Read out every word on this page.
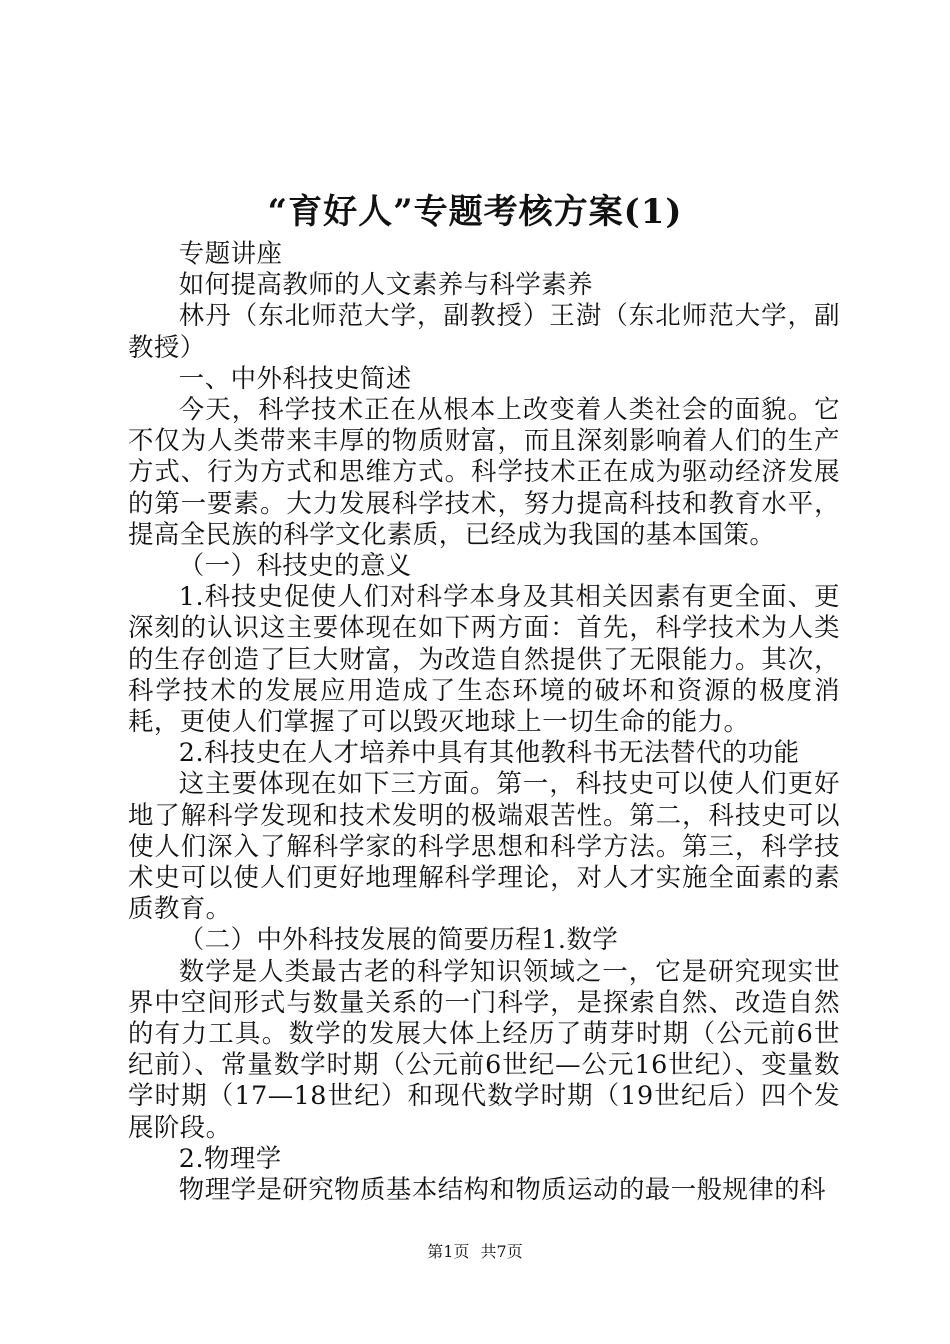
“育好人”专题考核方案(1)

专题讲座

如何提高教师的人文素养与科学素养

林丹（东北师范大学，副教授）王澍（东北师范大学，副教授）

一、中外科技史简述

今天，科学技术正在从根本上改变着人类社会的面貌。它不仅为人类带来丰厚的物质财富，而且深刻影响着人们的生产方式、行为方式和思维方式。科学技术正在成为驱动经济发展的第一要素。大力发展科学技术，努力提高科技和教育水平，提高全民族的科学文化素质，已经成为我国的基本国策。

（一）科技史的意义

1.科技史促使人们对科学本身及其相关因素有更全面、更深刻的认识这主要体现在如下两方面：首先，科学技术为人类的生存创造了巨大财富，为改造自然提供了无限能力。其次，科学技术的发展应用造成了生态环境的破坏和资源的极度消耗，更使人们掌握了可以毁灭地球上一切生命的能力。

2.科技史在人才培养中具有其他教科书无法替代的功能

这主要体现在如下三方面。第一，科技史可以使人们更好地了解科学发现和技术发明的极端艰苦性。第二，科技史可以使人们深入了解科学家的科学思想和科学方法。第三，科学技术史可以使人们更好地理解科学理论，对人才实施全面素的素质教育。

（二）中外科技发展的简要历程1.数学

数学是人类最古老的科学知识领域之一，它是研究现实世界中空间形式与数量关系的一门科学，是探索自然、改造自然的有力工具。数学的发展大体上经历了萌芽时期（公元前6世纪前）、常量数学时期（公元前6世纪—公元16世纪）、变量数学时期（17—18世纪）和现代数学时期（19世纪后）四个发展阶段。

2.物理学

物理学是研究物质基本结构和物质运动的最一般规律的科

第1页 共7页
